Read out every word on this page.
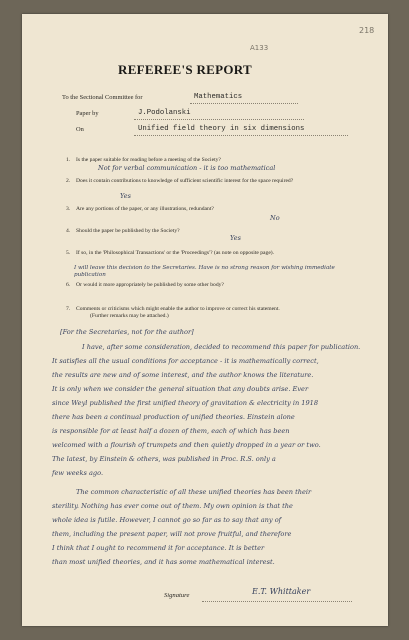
218
A133
REFEREE'S REPORT
To the Sectional Committee for	Mathematics
Paper by	J.Podolanski
On	Unified field theory in six dimensions
1. Is the paper suitable for reading before a meeting of the Society?
Not for verbal communication - it is too mathematical
2. Does it contain contributions to knowledge of sufficient scientific interest for the space required?
Yes
3. Are any portions of the paper, or any illustrations, redundant?
No
4. Should the paper be published by the Society?
Yes
5. If so, in the 'Philosophical Transactions' or the 'Proceedings'? (as note on opposite page).
I will leave this decision to the Secretaries. Have is no strong reason for wishing immediate publication
6. Or would it more appropriately be published by some other body?
7. Comments or criticisms which might enable the author to improve or correct his statement.
(Further remarks may be attached.)
[For the Secretaries, not for the author]
I have, after some consideration, decided to recommend this paper for publication.
It satisfies all the usual conditions for acceptance - it is mathematically correct,
the results are new and of some interest, and the author knows the literature.
It is only when we consider the general situation that any doubts arise. Ever
since Weyl published the first unified theory of gravitation & electricity in 1918
there has been a continual production of unified theories. Einstein alone
is responsible for at least half a dozen of them, each of which has been
welcomed with a flourish of trumpets and then quietly dropped in a year or two.
The latest, by Einstein & others, was published in Proc. R.S. only a
few weeks ago.
The common characteristic of all these unified theories has been their
sterility. Nothing has ever come out of them. My own opinion is that the
whole idea is futile. However, I cannot go so far as to say that any of
them, including the present paper, will not prove fruitful, and therefore
I think that I ought to recommend it for acceptance. It is better
than most unified theories, and it has some mathematical interest.
Signature	E.T. Whittaker
